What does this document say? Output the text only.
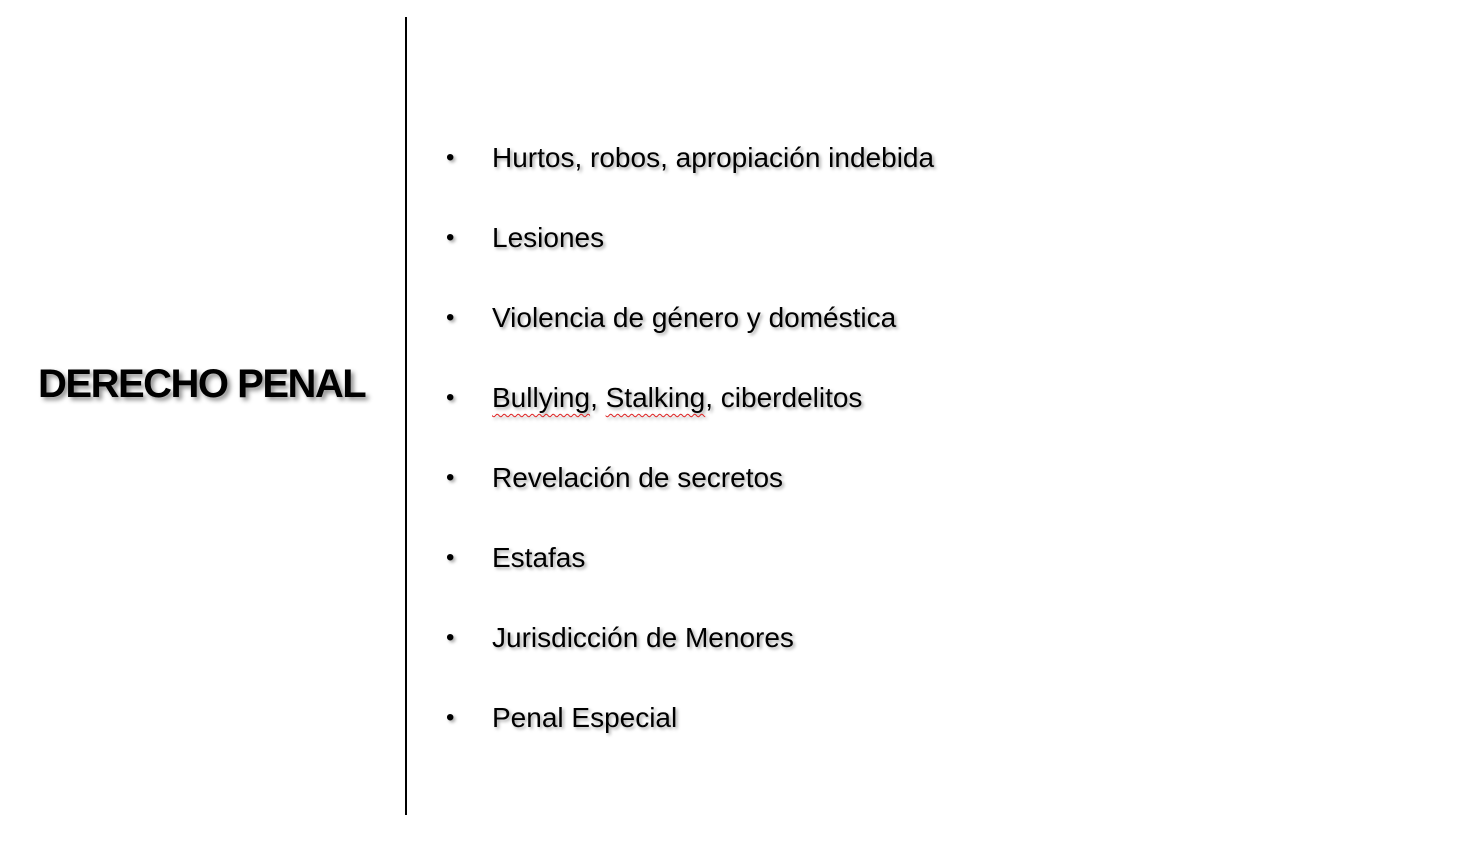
DERECHO PENAL
• Hurtos, robos, apropiación indebida
• Lesiones
• Violencia de género y doméstica
• Bullying, Stalking, ciberdelitos
• Revelación de secretos
• Estafas
• Jurisdicción de Menores
• Penal Especial
